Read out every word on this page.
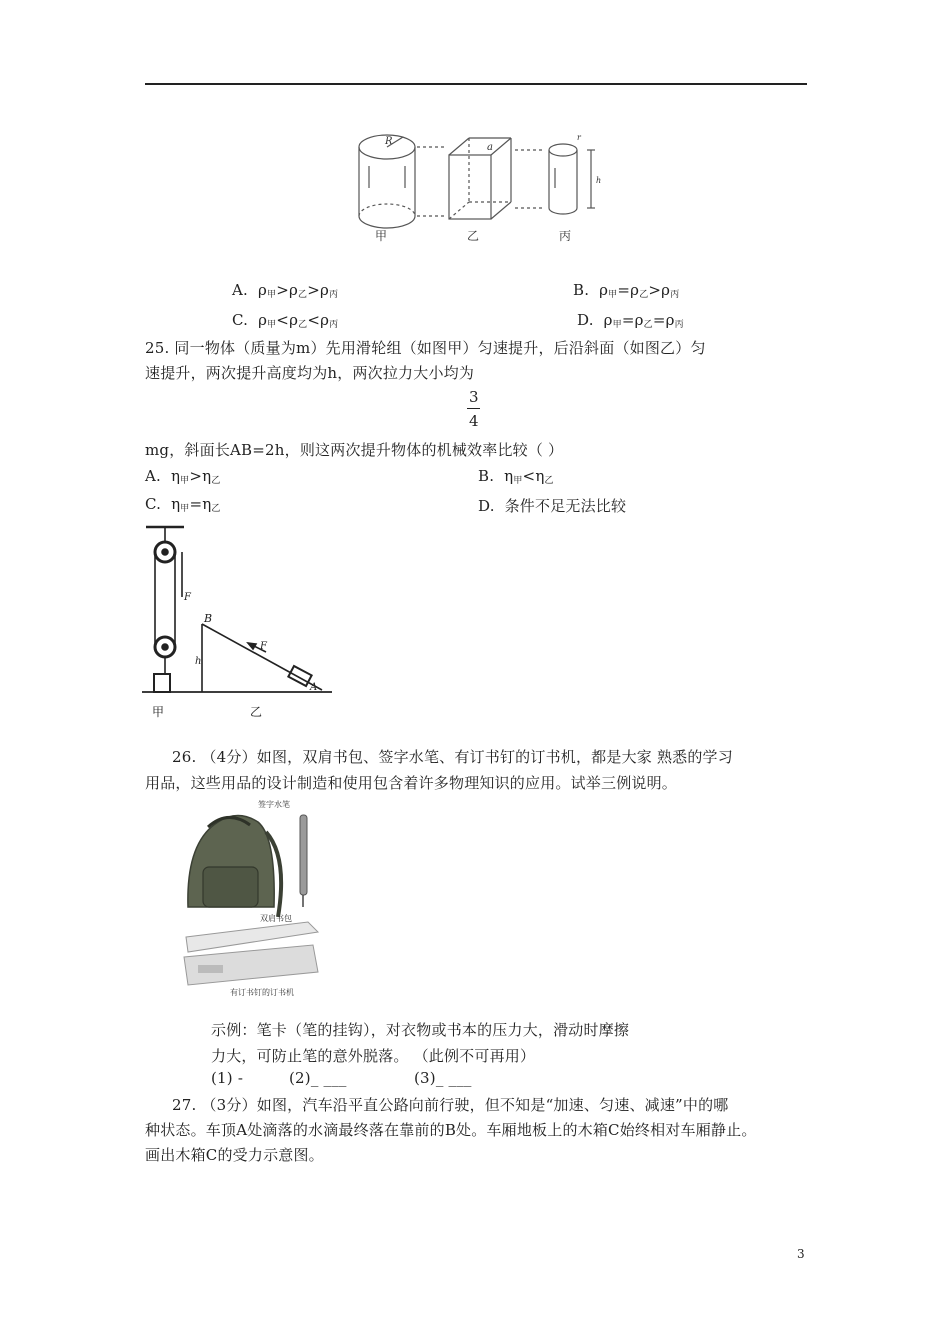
R
a
r
h
甲	乙	丙
A. ρ甲>ρ乙>ρ丙	B. ρ甲=ρ乙>ρ丙
C. ρ甲<ρ乙<ρ丙	D. ρ甲=ρ乙=ρ丙
25. 同一物体（质量为m）先用滑轮组（如图甲）匀速提升，后沿斜面（如图乙）匀
速提升，两次提升高度均为h，两次拉力大小均为
3
4
mg，斜面长AB=2h，则这两次提升物体的机械效率比较（ ）
A. η甲>η乙	B. η甲<η乙
C. η甲=η乙	D. 条件不足无法比较
F
B
F
h
A
甲	乙
26. （4分）如图，双肩书包、签字水笔、有订书钉的订书机，都是大家 熟悉的学习
用品，这些用品的设计制造和使用包含着许多物理知识的应用。试举三例说明。
签字水笔
双肩书包
有订书钉的订书机
示例：笔卡（笔的挂钩），对衣物或书本的压力大，滑动时摩擦
力大，可防止笔的意外脱落。 （此例不可再用）
(1) -	(2)_ ___	(3)_ ___
27. （3分）如图，汽车沿平直公路向前行驶，但不知是“加速、匀速、减速”中的哪
种状态。车顶A处滴落的水滴最终落在靠前的B处。车厢地板上的木箱C始终相对车厢静止。
画出木箱C的受力示意图。
3
